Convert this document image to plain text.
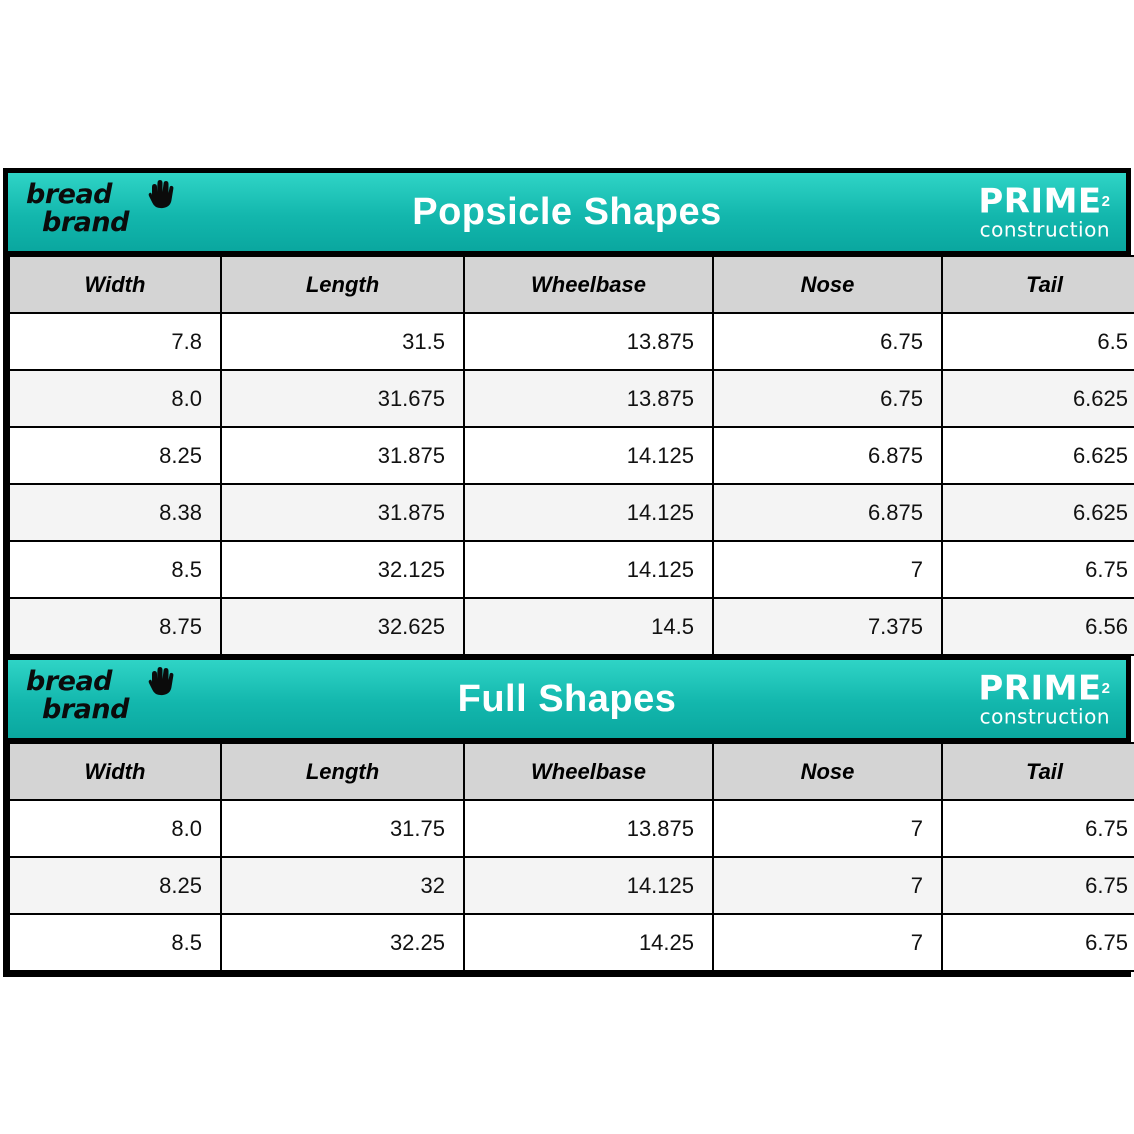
bread
brand	Popsicle Shapes	PRIME2
construction
Width	Length	Wheelbase	Nose	Tail
7.8	31.5	13.875	6.75	6.5
8.0	31.675	13.875	6.75	6.625
8.25	31.875	14.125	6.875	6.625
8.38	31.875	14.125	6.875	6.625
8.5	32.125	14.125	7	6.75
8.75	32.625	14.5	7.375	6.56
bread
brand	Full Shapes	PRIME2
construction
Width	Length	Wheelbase	Nose	Tail
8.0	31.75	13.875	7	6.75
8.25	32	14.125	7	6.75
8.5	32.25	14.25	7	6.75
